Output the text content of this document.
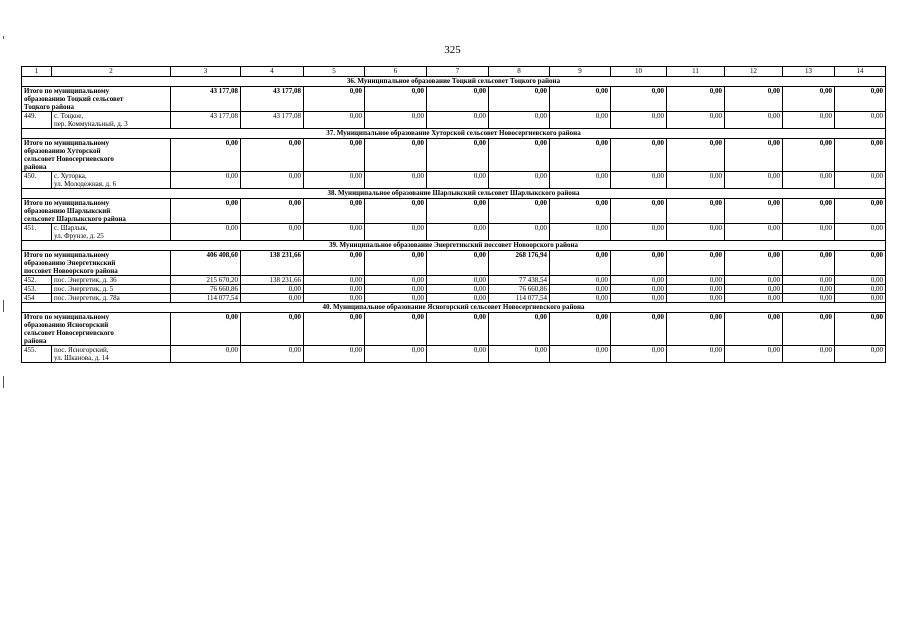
325
1	2	3	4	5	6	7	8	9	10	11	12	13	14
36. Муниципальное образование Тоцкий сельсовет Тоцкого района													

Итого по муниципальному
образованию Тоцкий сельсовет
Тоцкого района		43 177,08	43 177,08	0,00	0,00	0,00	0,00	0,00	0,00	0,00	0,00	0,00	0,00
449.	с. Тоцкое,
пер. Коммунальный, д. 3	43 177,08	43 177,08	0,00	0,00	0,00	0,00	0,00	0,00	0,00	0,00	0,00	0,00
37. Муниципальное образование Хуторской сельсовет Новосергиевского района													

Итого по муниципальному
образованию Хуторской
сельсовет Новосергиевского
района		0,00	0,00	0,00	0,00	0,00	0,00	0,00	0,00	0,00	0,00	0,00	0,00
450.	с. Хуторка,
ул. Молодежная, д. 6	0,00	0,00	0,00	0,00	0,00	0,00	0,00	0,00	0,00	0,00	0,00	0,00
38. Муниципальное образование Шарлыкский сельсовет Шарлыкского района													

Итого по муниципальному
образованию Шарлыкский
сельсовет Шарлыкского района		0,00	0,00	0,00	0,00	0,00	0,00	0,00	0,00	0,00	0,00	0,00	0,00
451.	с. Шарлык,
ул. Фрунзе, д. 25	0,00	0,00	0,00	0,00	0,00	0,00	0,00	0,00	0,00	0,00	0,00	0,00
39. Муниципальное образование Энергетикский поссовет Новоорского района													

Итого по муниципальному
образованию Энергетикский
поссовет Новоорского района		406 408,60	138 231,66	0,00	0,00	0,00	268 176,94	0,00	0,00	0,00	0,00	0,00	0,00
452.	пос. Энергетик, д. 36	215 670,20	138 231,66	0,00	0,00	0,00	77 438,54	0,00	0,00	0,00	0,00	0,00	0,00
453.	пос. Энергетик, д. 5	76 660,86	0,00	0,00	0,00	0,00	76 660,86	0,00	0,00	0,00	0,00	0,00	0,00
454	пос. Энергетик, д. 78а	114 077,54	0,00	0,00	0,00	0,00	114 077,54	0,00	0,00	0,00	0,00	0,00	0,00
40. Муниципальное образование Ясногорский сельсовет Новосергиевского района													

Итого по муниципальному
образованию Ясногорский
сельсовет Новосергиевского
района		0,00	0,00	0,00	0,00	0,00	0,00	0,00	0,00	0,00	0,00	0,00	0,00
455.	пос. Ясногорский,
ул. Шканова, д. 14	0,00	0,00	0,00	0,00	0,00	0,00	0,00	0,00	0,00	0,00	0,00	0,00
